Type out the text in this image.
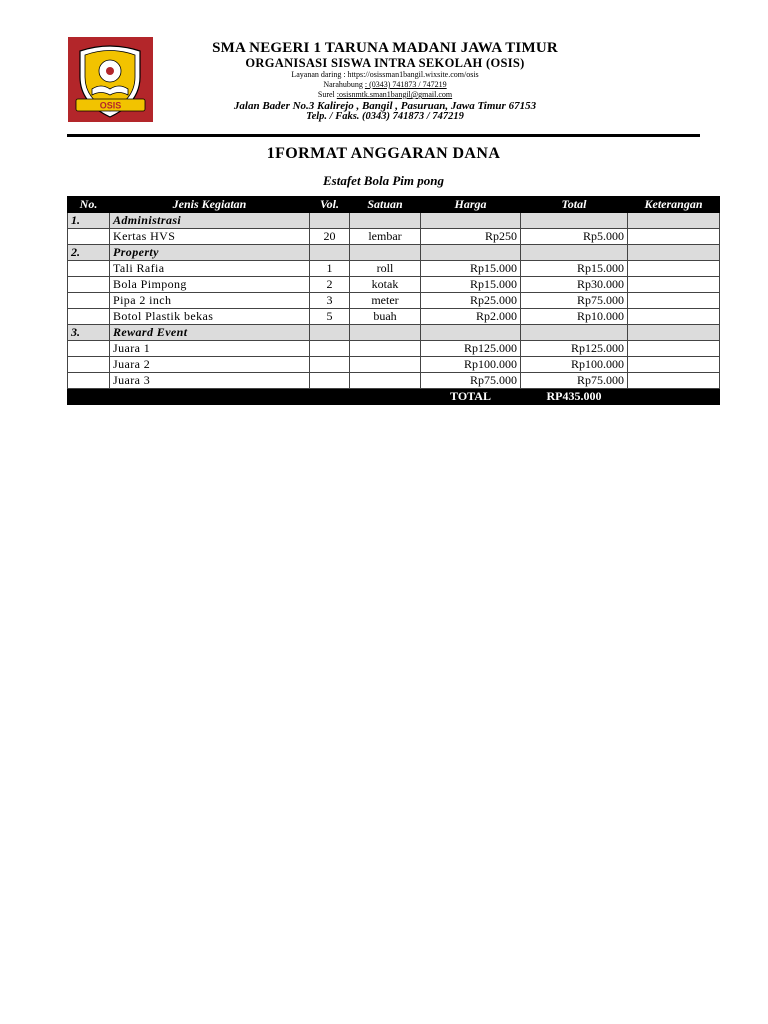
OSIS
SMA NEGERI 1 TARUNA MADANI JAWA TIMUR
ORGANISASI SISWA INTRA SEKOLAH (OSIS)
Layanan daring : https://osissman1bangil.wixsite.com/osis
Narahubung : (0343) 741873 / 747219
Surel :osisnmtk.sman1bangil@gmail.com
Jalan Bader No.3 Kalirejo , Bangil , Pasuruan, Jawa Timur 67153
Telp. / Faks. (0343) 741873 / 747219
1FORMAT ANGGARAN DANA
Estafet Bola Pim pong
No.	Jenis Kegiatan	Vol.	Satuan	Harga	Total	Keterangan
1.	Administrasi					
	Kertas HVS	20	lembar	Rp250	Rp5.000	
2.	Property					
	Tali Rafia	1	roll	Rp15.000	Rp15.000	
	Bola Pimpong	2	kotak	Rp15.000	Rp30.000	
	Pipa 2 inch	3	meter	Rp25.000	Rp75.000	
	Botol Plastik bekas	5	buah	Rp2.000	Rp10.000	
3.	Reward Event					
	Juara 1			Rp125.000	Rp125.000	
	Juara 2			Rp100.000	Rp100.000	
	Juara 3			Rp75.000	Rp75.000	
				TOTAL	RP435.000	
